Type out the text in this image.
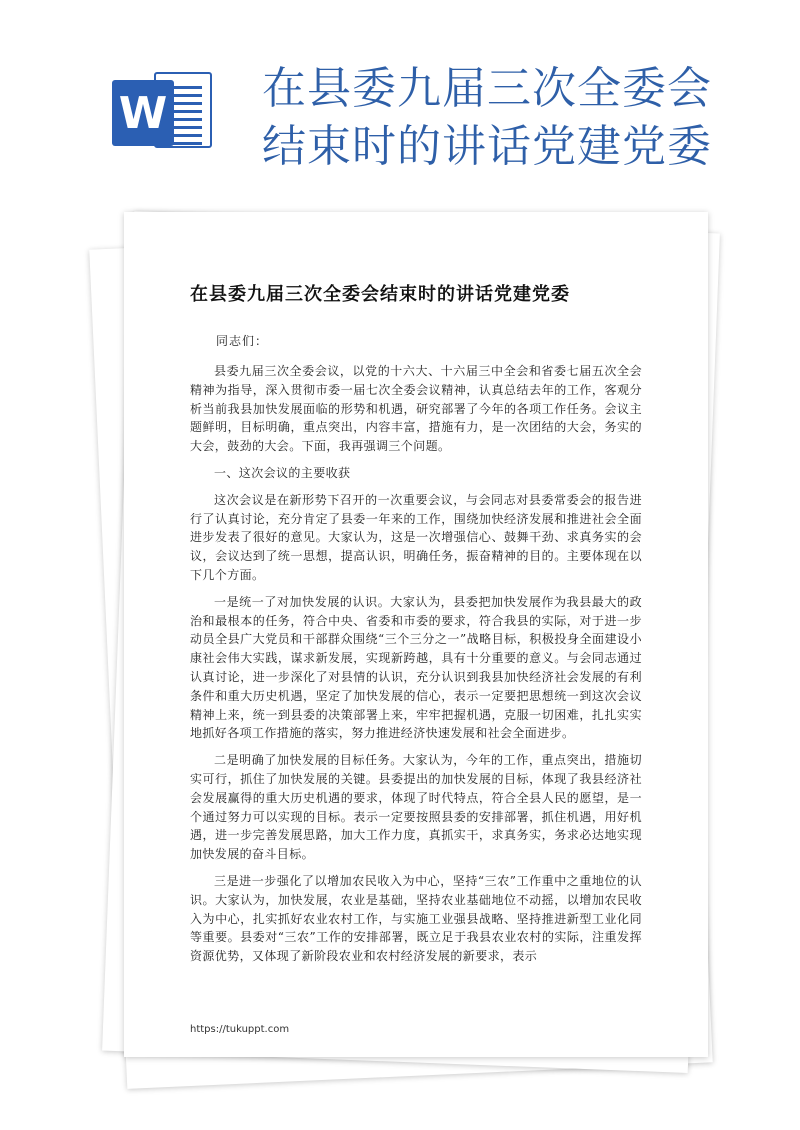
W 在县委九届三次全委会结束时的讲话党建党委
在县委九届三次全委会结束时的讲话党建党委
同志们：

县委九届三次全委会议，以党的十六大、十六届三中全会和省委七届五次全会精神为指导，深入贯彻市委一届七次全委会议精神，认真总结去年的工作，客观分析当前我县加快发展面临的形势和机遇，研究部署了今年的各项工作任务。会议主题鲜明，目标明确，重点突出，内容丰富，措施有力，是一次团结的大会，务实的大会，鼓劲的大会。下面，我再强调三个问题。

一、这次会议的主要收获

这次会议是在新形势下召开的一次重要会议，与会同志对县委常委会的报告进行了认真讨论，充分肯定了县委一年来的工作，围绕加快经济发展和推进社会全面进步发表了很好的意见。大家认为，这是一次增强信心、鼓舞干劲、求真务实的会议，会议达到了统一思想，提高认识，明确任务，振奋精神的目的。主要体现在以下几个方面。

一是统一了对加快发展的认识。大家认为，县委把加快发展作为我县最大的政治和最根本的任务，符合中央、省委和市委的要求，符合我县的实际，对于进一步动员全县广大党员和干部群众围绕“三个三分之一”战略目标，积极投身全面建设小康社会伟大实践，谋求新发展，实现新跨越，具有十分重要的意义。与会同志通过认真讨论，进一步深化了对县情的认识，充分认识到我县加快经济社会发展的有利条件和重大历史机遇，坚定了加快发展的信心，表示一定要把思想统一到这次会议精神上来，统一到县委的决策部署上来，牢牢把握机遇，克服一切困难，扎扎实实地抓好各项工作措施的落实，努力推进经济快速发展和社会全面进步。

二是明确了加快发展的目标任务。大家认为，今年的工作，重点突出，措施切实可行，抓住了加快发展的关键。县委提出的加快发展的目标，体现了我县经济社会发展赢得的重大历史机遇的要求，体现了时代特点，符合全县人民的愿望，是一个通过努力可以实现的目标。表示一定要按照县委的安排部署，抓住机遇，用好机遇，进一步完善发展思路，加大工作力度，真抓实干，求真务实，务求必达地实现加快发展的奋斗目标。

三是进一步强化了以增加农民收入为中心，坚持“三农”工作重中之重地位的认识。大家认为，加快发展，农业是基础，坚持农业基础地位不动摇，以增加农民收入为中心，扎实抓好农业农村工作，与实施工业强县战略、坚持推进新型工业化同等重要。县委对“三农”工作的安排部署，既立足于我县农业农村的实际，注重发挥资源优势，又体现了新阶段农业和农村经济发展的新要求，表示

https://tukuppt.com
